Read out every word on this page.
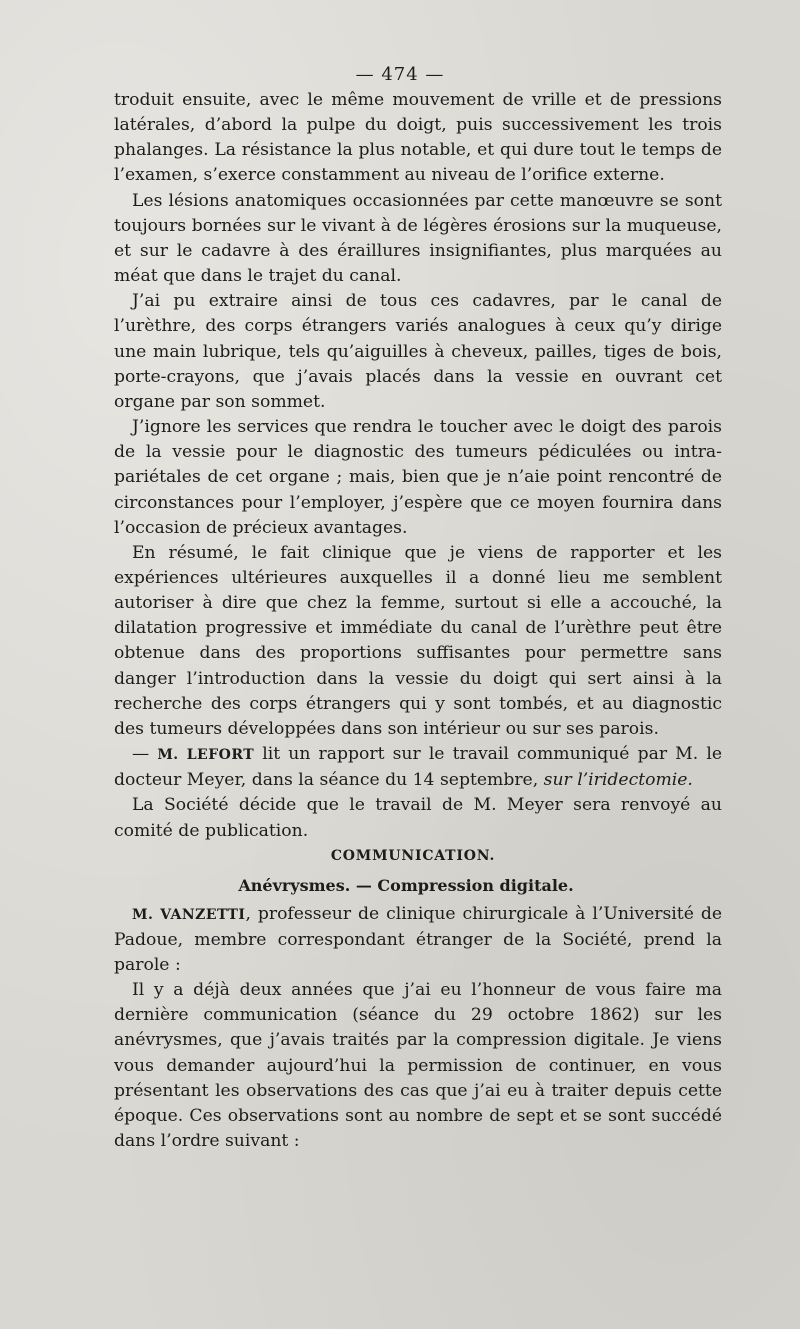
— 474 —

troduit ensuite, avec le même mouvement de vrille et de pressions latérales, d’abord la pulpe du doigt, puis successivement les trois phalanges. La résistance la plus notable, et qui dure tout le temps de l’examen, s’exerce constamment au niveau de l’orifice externe.

Les lésions anatomiques occasionnées par cette manœuvre se sont toujours bornées sur le vivant à de légères érosions sur la muqueuse, et sur le cadavre à des éraillures insignifiantes, plus marquées au méat que dans le trajet du canal.

J’ai pu extraire ainsi de tous ces cadavres, par le canal de l’urèthre, des corps étrangers variés analogues à ceux qu’y dirige une main lubrique, tels qu’aiguilles à cheveux, pailles, tiges de bois, porte-crayons, que j’avais placés dans la vessie en ouvrant cet organe par son sommet.

J’ignore les services que rendra le toucher avec le doigt des parois de la vessie pour le diagnostic des tumeurs pédiculées ou intra-pariétales de cet organe ; mais, bien que je n’aie point rencontré de circonstances pour l’employer, j’espère que ce moyen fournira dans l’occasion de précieux avantages.

En résumé, le fait clinique que je viens de rapporter et les expériences ultérieures auxquelles il a donné lieu me semblent autoriser à dire que chez la femme, surtout si elle a accouché, la dilatation progressive et immédiate du canal de l’urèthre peut être obtenue dans des proportions suffisantes pour permettre sans danger l’introduction dans la vessie du doigt qui sert ainsi à la recherche des corps étrangers qui y sont tombés, et au diagnostic des tumeurs développées dans son intérieur ou sur ses parois.

— M. LEFORT lit un rapport sur le travail communiqué par M. le docteur Meyer, dans la séance du 14 septembre, sur l’iridectomie.

La Société décide que le travail de M. Meyer sera renvoyé au comité de publication.

COMMUNICATION.

Anévrysmes. — Compression digitale.

M. VANZETTI, professeur de clinique chirurgicale à l’Université de Padoue, membre correspondant étranger de la Société, prend la parole :

Il y a déjà deux années que j’ai eu l’honneur de vous faire ma dernière communication (séance du 29 octobre 1862) sur les anévrysmes, que j’avais traités par la compression digitale. Je viens vous demander aujourd’hui la permission de continuer, en vous présentant les observations des cas que j’ai eu à traiter depuis cette époque. Ces observations sont au nombre de sept et se sont succédé dans l’ordre suivant :
